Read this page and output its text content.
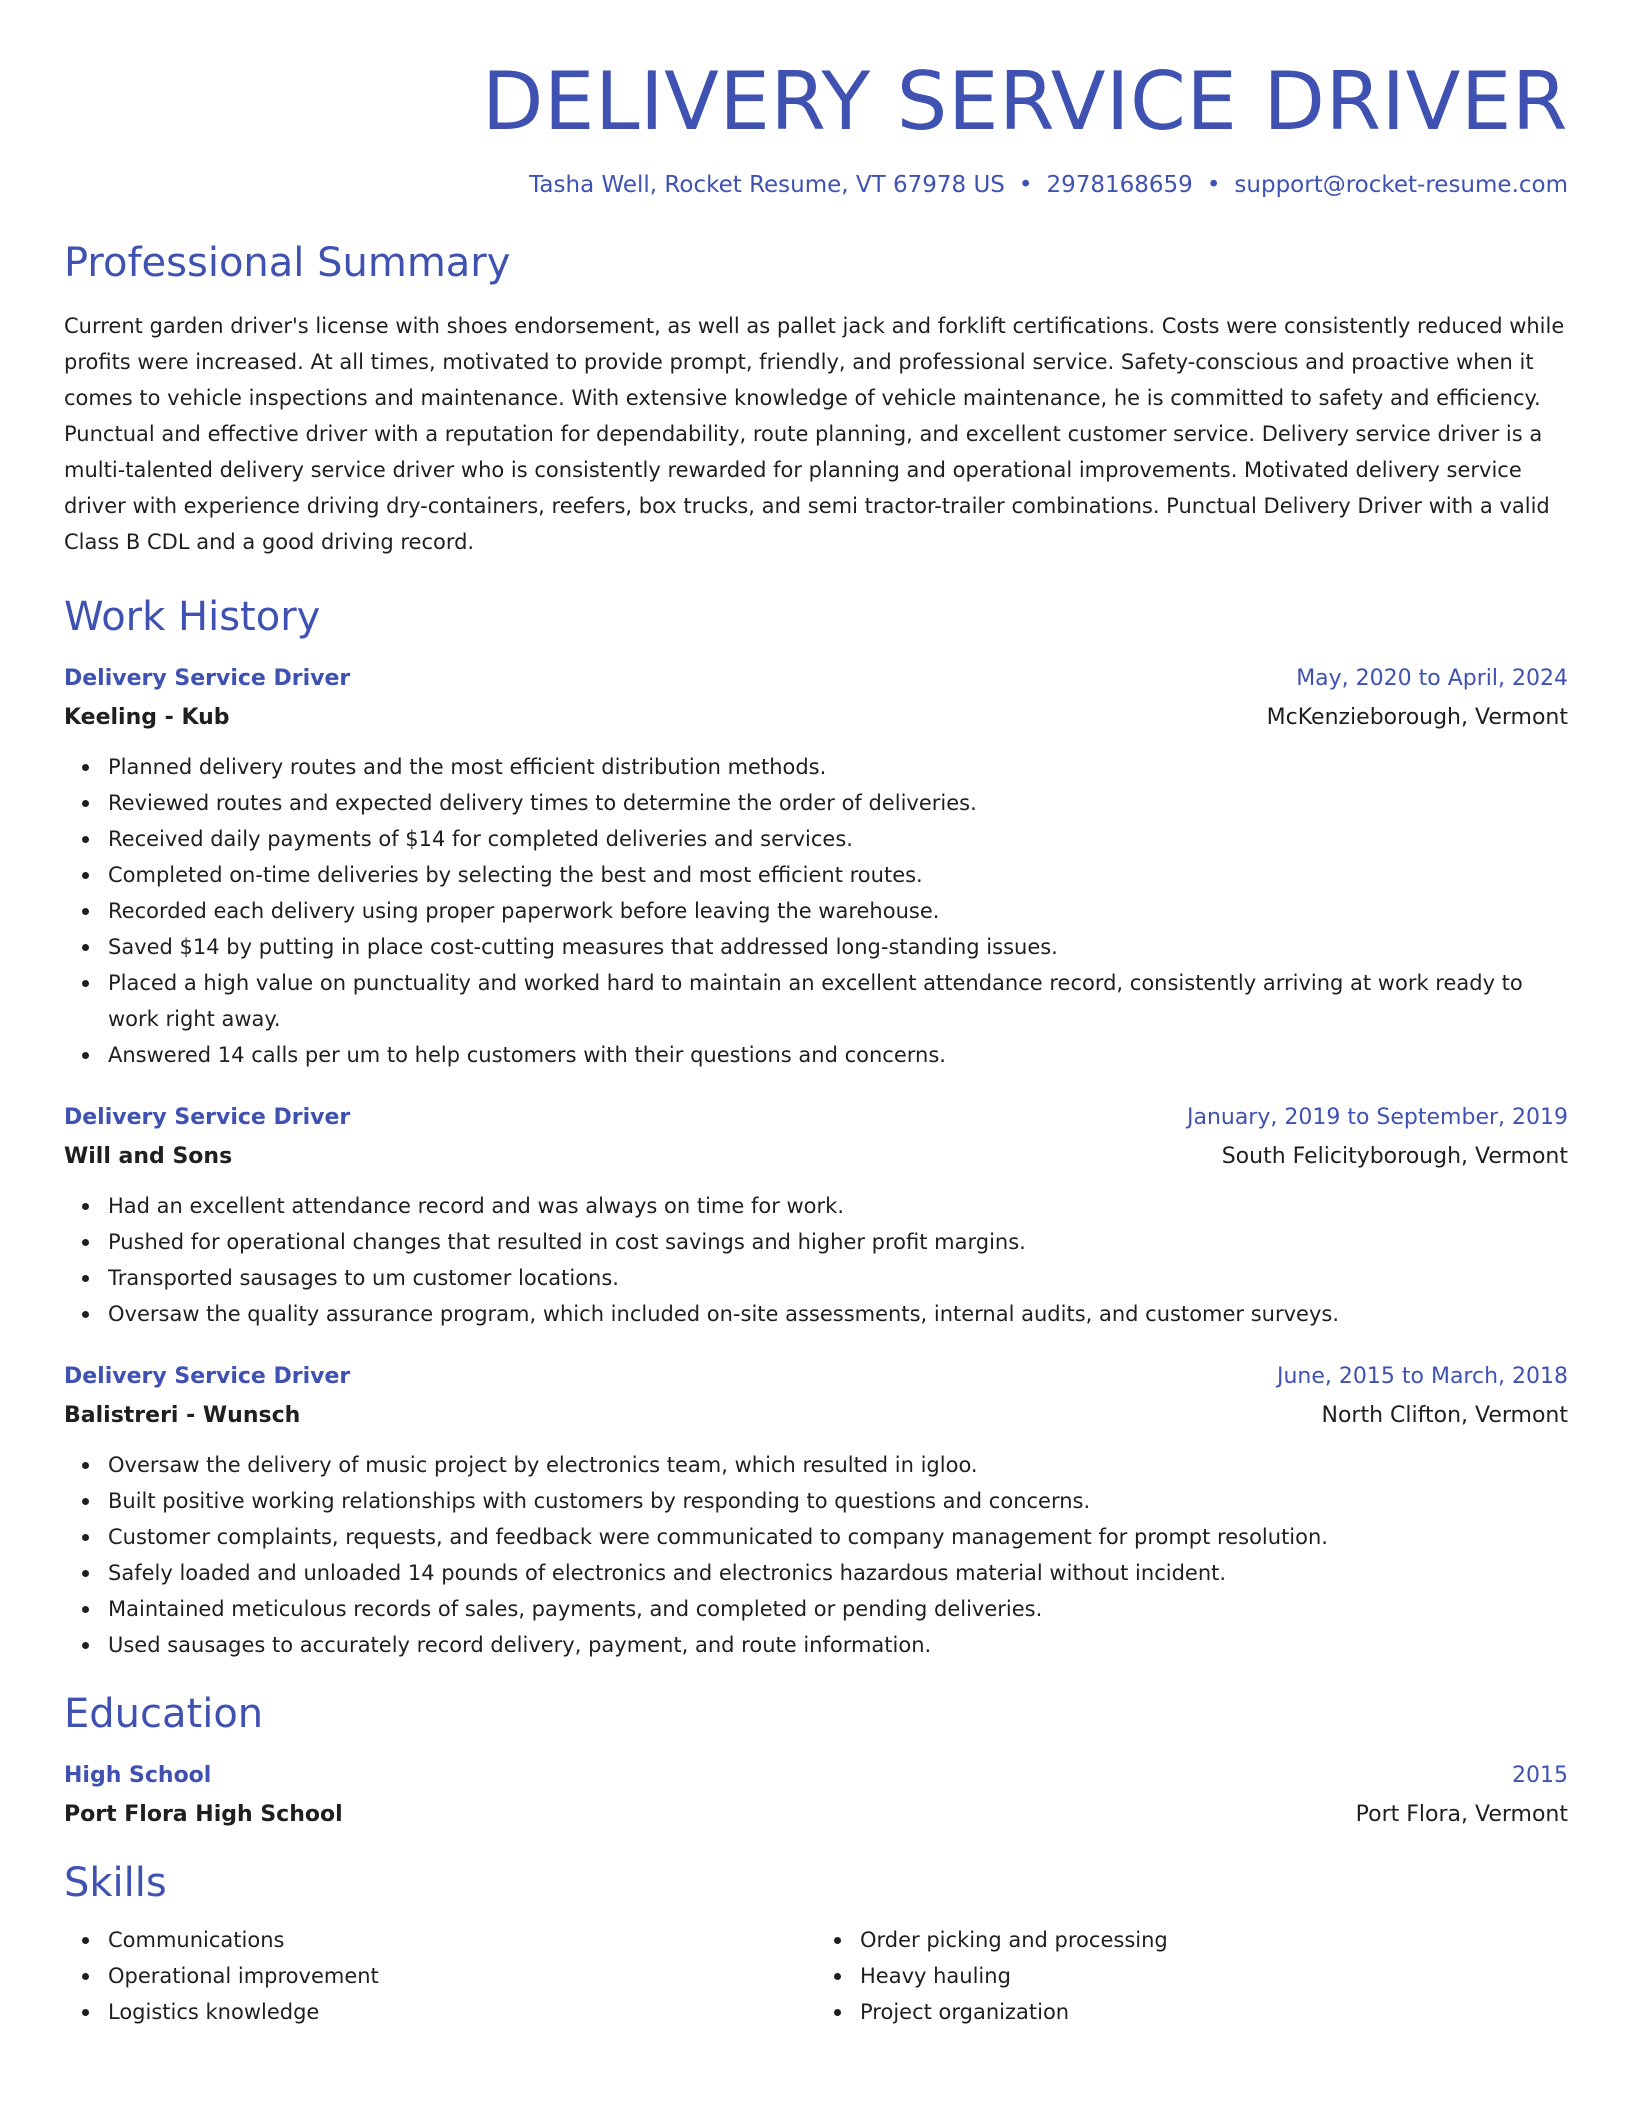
DELIVERY SERVICE DRIVER
Tasha Well, Rocket Resume, VT 67978 US • 2978168659 • support@rocket-resume.com
Professional Summary

Current garden driver's license with shoes endorsement, as well as pallet jack and forklift certifications. Costs were consistently reduced while profits were increased. At all times, motivated to provide prompt, friendly, and professional service. Safety-conscious and proactive when it comes to vehicle inspections and maintenance. With extensive knowledge of vehicle maintenance, he is committed to safety and efficiency. Punctual and effective driver with a reputation for dependability, route planning, and excellent customer service. Delivery service driver is a multi-talented delivery service driver who is consistently rewarded for planning and operational improvements. Motivated delivery service driver with experience driving dry-containers, reefers, box trucks, and semi tractor-trailer combinations. Punctual Delivery Driver with a valid Class B CDL and a good driving record.

Work History
Delivery Service Driver	May, 2020 to April, 2024
Keeling - Kub	McKenzieborough, Vermont
Planned delivery routes and the most efficient distribution methods.
Reviewed routes and expected delivery times to determine the order of deliveries.
Received daily payments of $14 for completed deliveries and services.
Completed on-time deliveries by selecting the best and most efficient routes.
Recorded each delivery using proper paperwork before leaving the warehouse.
Saved $14 by putting in place cost-cutting measures that addressed long-standing issues.
Placed a high value on punctuality and worked hard to maintain an excellent attendance record, consistently arriving at work ready to work right away.
Answered 14 calls per um to help customers with their questions and concerns.
Delivery Service Driver	January, 2019 to September, 2019
Will and Sons	South Felicityborough, Vermont
Had an excellent attendance record and was always on time for work.
Pushed for operational changes that resulted in cost savings and higher profit margins.
Transported sausages to um customer locations.
Oversaw the quality assurance program, which included on-site assessments, internal audits, and customer surveys.
Delivery Service Driver	June, 2015 to March, 2018
Balistreri - Wunsch	North Clifton, Vermont
Oversaw the delivery of music project by electronics team, which resulted in igloo.
Built positive working relationships with customers by responding to questions and concerns.
Customer complaints, requests, and feedback were communicated to company management for prompt resolution.
Safely loaded and unloaded 14 pounds of electronics and electronics hazardous material without incident.
Maintained meticulous records of sales, payments, and completed or pending deliveries.
Used sausages to accurately record delivery, payment, and route information.
Education
High School	2015
Port Flora High School	Port Flora, Vermont
Skills
Communications
Operational improvement
Logistics knowledge
Order picking and processing
Heavy hauling
Project organization
